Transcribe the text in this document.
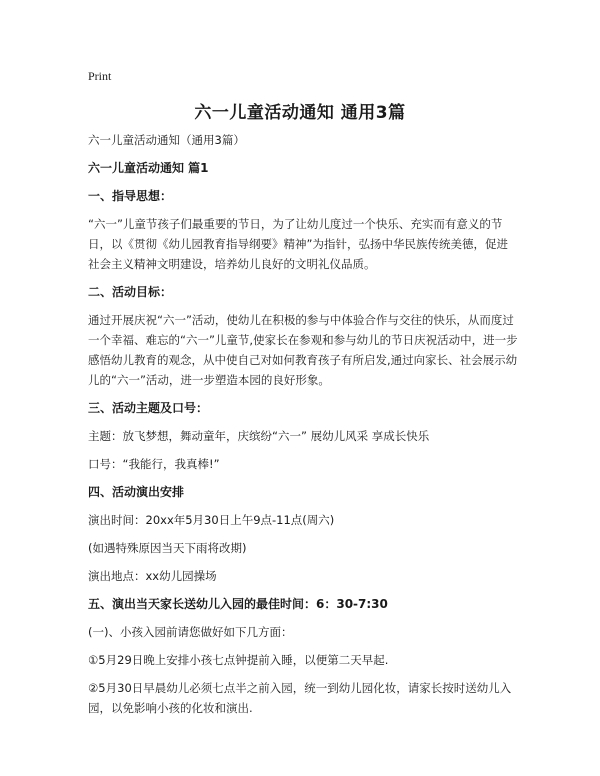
Print
六一儿童活动通知 通用3篇

六一儿童活动通知（通用3篇）

六一儿童活动通知 篇1

一、指导思想：

“六一”儿童节孩子们最重要的节日，为了让幼儿度过一个快乐、充实而有意义的节日，以《贯彻《幼儿园教育指导纲要》精神”为指针，弘扬中华民族传统美德，促进社会主义精神文明建设，培养幼儿良好的文明礼仪品质。

二、活动目标：

通过开展庆祝“六一”活动，使幼儿在积极的参与中体验合作与交往的快乐，从而度过一个幸福、难忘的“六一”儿童节,使家长在参观和参与幼儿的节日庆祝活动中，进一步感悟幼儿教育的观念，从中使自己对如何教育孩子有所启发,通过向家长、社会展示幼儿的“六一”活动，进一步塑造本园的良好形象。

三、活动主题及口号：

主题：放飞梦想，舞动童年，庆缤纷“六一” 展幼儿风采 享成长快乐

口号：“我能行，我真棒!”

四、活动演出安排

演出时间：20xx年5月30日上午9点-11点(周六)

(如遇特殊原因当天下雨将改期)

演出地点：xx幼儿园操场

五、演出当天家长送幼儿入园的最佳时间：6：30-7:30

(一)、小孩入园前请您做好如下几方面：

①5月29日晚上安排小孩七点钟提前入睡，以便第二天早起.

②5月30日早晨幼儿必须七点半之前入园，统一到幼儿园化妆，请家长按时送幼儿入园，以免影响小孩的化妆和演出.
